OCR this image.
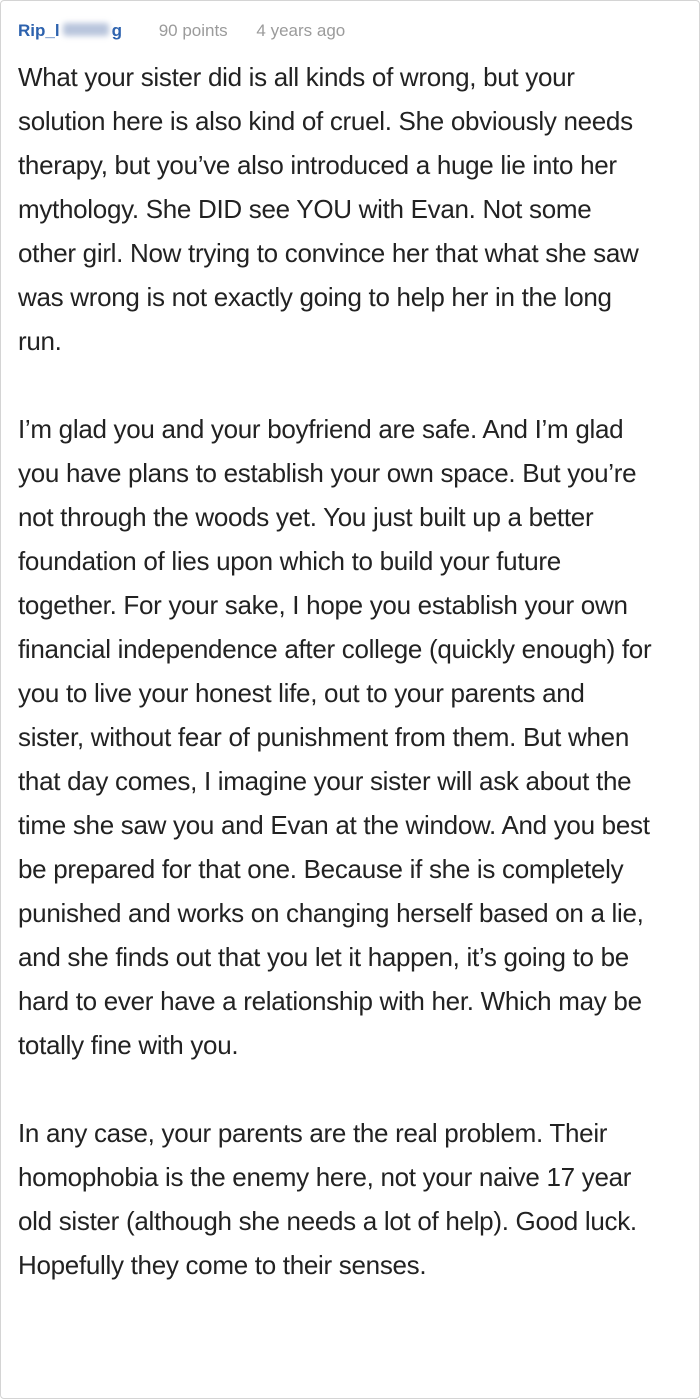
Rip_l	g 90 points 4 years ago

What your sister did is all kinds of wrong, but your solution here is also kind of cruel. She obviously needs therapy, but you’ve also introduced a huge lie into her mythology. She DID see YOU with Evan. Not some other girl. Now trying to convince her that what she saw was wrong is not exactly going to help her in the long run.

I’m glad you and your boyfriend are safe. And I’m glad you have plans to establish your own space. But you’re not through the woods yet. You just built up a better foundation of lies upon which to build your future together. For your sake, I hope you establish your own financial independence after college (quickly enough) for you to live your honest life, out to your parents and sister, without fear of punishment from them. But when that day comes, I imagine your sister will ask about the time she saw you and Evan at the window. And you best be prepared for that one. Because if she is completely punished and works on changing herself based on a lie, and she finds out that you let it happen, it’s going to be hard to ever have a relationship with her. Which may be totally fine with you.

In any case, your parents are the real problem. Their homophobia is the enemy here, not your naive 17 year old sister (although she needs a lot of help). Good luck. Hopefully they come to their senses.
